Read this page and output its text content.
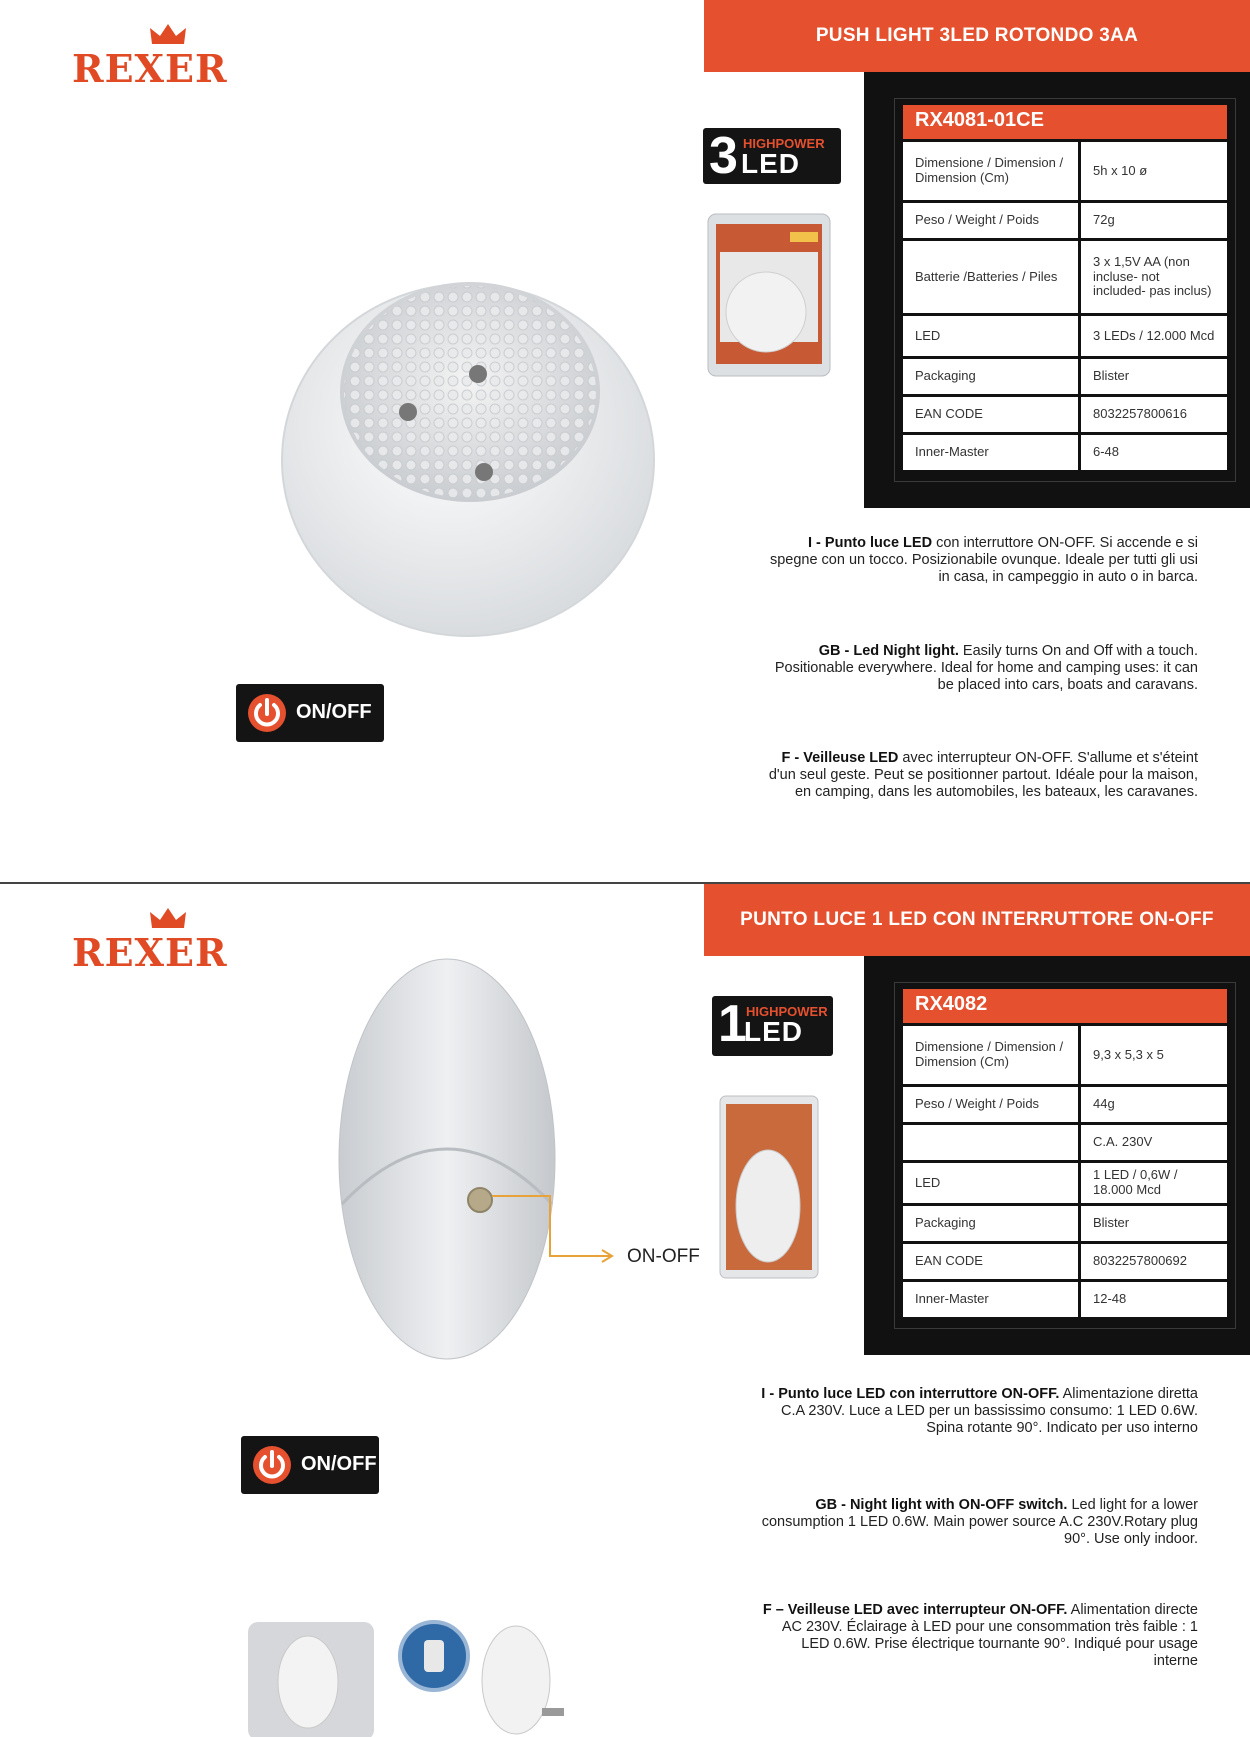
REXER
PUSH LIGHT 3LED ROTONDO 3AA
3 HIGHPOWER
LED
RX4081-01CE
Dimensione / Dimension / Dimension (Cm)	5h x 10 ø
Peso / Weight / Poids	72g
Batterie /Batteries / Piles	3 x 1,5V AA (non incluse- not included- pas inclus)
LED	3 LEDs / 12.000 Mcd
Packaging	Blister
EAN CODE	8032257800616
Inner-Master	6-48
ON/OFF

I - Punto luce LED con interruttore ON-OFF. Si accende e si spegne con un tocco. Posizionabile ovunque. Ideale per tutti gli usi in casa, in campeggio in auto o in barca.

GB - Led Night light. Easily turns On and Off with a touch. Positionable everywhere. Ideal for home and camping uses: it can be placed into cars, boats and caravans.

F - Veilleuse LED avec interrupteur ON-OFF. S'allume et s'éteint d'un seul geste. Peut se positionner partout. Idéale pour la maison, en camping, dans les automobiles, les bateaux, les caravanes.

REXER
PUNTO LUCE 1 LED CON INTERRUTTORE ON-OFF
ON-OFF
1 HIGHPOWER
LED
RX4082
Dimensione / Dimension / Dimension (Cm)	9,3 x 5,3 x 5
Peso / Weight / Poids	44g
	C.A. 230V
LED	1 LED / 0,6W / 18.000 Mcd
Packaging	Blister
EAN CODE	8032257800692
Inner-Master	12-48
ON/OFF

I - Punto luce LED con interruttore ON-OFF. Alimentazione diretta C.A 230V. Luce a LED per un bassissimo consumo: 1 LED 0.6W. Spina rotante 90°. Indicato per uso interno

GB - Night light with ON-OFF switch. Led light for a lower consumption 1 LED 0.6W. Main power source A.C 230V.Rotary plug 90°. Use only indoor.

F – Veilleuse LED avec interrupteur ON-OFF. Alimentation directe AC 230V. Éclairage à LED pour une consommation très faible : 1 LED 0.6W. Prise électrique tournante 90°. Indiqué pour usage interne
